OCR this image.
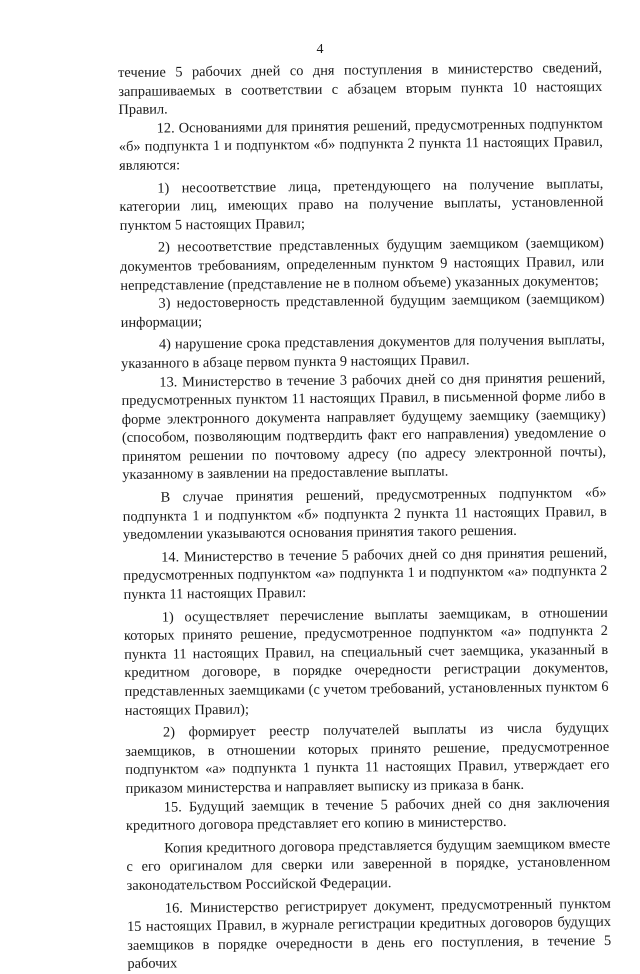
4

течение 5 рабочих дней со дня поступления в министерство сведений, запрашиваемых в соответствии с абзацем вторым пункта 10 настоящих Правил.

12. Основаниями для принятия решений, предусмотренных подпунктом «б» подпункта 1 и подпунктом «б» подпункта 2 пункта 11 настоящих Правил, являются:

1) несоответствие лица, претендующего на получение выплаты, категории лиц, имеющих право на получение выплаты, установленной пунктом 5 настоящих Правил;

2) несоответствие представленных будущим заемщиком (заемщиком) документов требованиям, определенным пунктом 9 настоящих Правил, или непредставление (представление не в полном объеме) указанных документов;

3) недостоверность представленной будущим заемщиком (заемщиком) информации;

4) нарушение срока представления документов для получения выплаты, указанного в абзаце первом пункта 9 настоящих Правил.

13. Министерство в течение 3 рабочих дней со дня принятия решений, предусмотренных пунктом 11 настоящих Правил, в письменной форме либо в форме электронного документа направляет будущему заемщику (заемщику) (способом, позволяющим подтвердить факт его направления) уведомление о принятом решении по почтовому адресу (по адресу электронной почты), указанному в заявлении на предоставление выплаты.

В случае принятия решений, предусмотренных подпунктом «б» подпункта 1 и подпунктом «б» подпункта 2 пункта 11 настоящих Правил, в уведомлении указываются основания принятия такого решения.

14. Министерство в течение 5 рабочих дней со дня принятия решений, предусмотренных подпунктом «а» подпункта 1 и подпунктом «а» подпункта 2 пункта 11 настоящих Правил:

1) осуществляет перечисление выплаты заемщикам, в отношении которых принято решение, предусмотренное подпунктом «а» подпункта 2 пункта 11 настоящих Правил, на специальный счет заемщика, указанный в кредитном договоре, в порядке очередности регистрации документов, представленных заемщиками (с учетом требований, установленных пунктом 6 настоящих Правил);

2) формирует реестр получателей выплаты из числа будущих заемщиков, в отношении которых принято решение, предусмотренное подпунктом «а» подпункта 1 пункта 11 настоящих Правил, утверждает его приказом министерства и направляет выписку из приказа в банк.

15. Будущий заемщик в течение 5 рабочих дней со дня заключения кредитного договора представляет его копию в министерство.

Копия кредитного договора представляется будущим заемщиком вместе с его оригиналом для сверки или заверенной в порядке, установленном законодательством Российской Федерации.

16. Министерство регистрирует документ, предусмотренный пунктом 15 настоящих Правил, в журнале регистрации кредитных договоров будущих заемщиков в порядке очередности в день его поступления, в течение 5 рабочих
